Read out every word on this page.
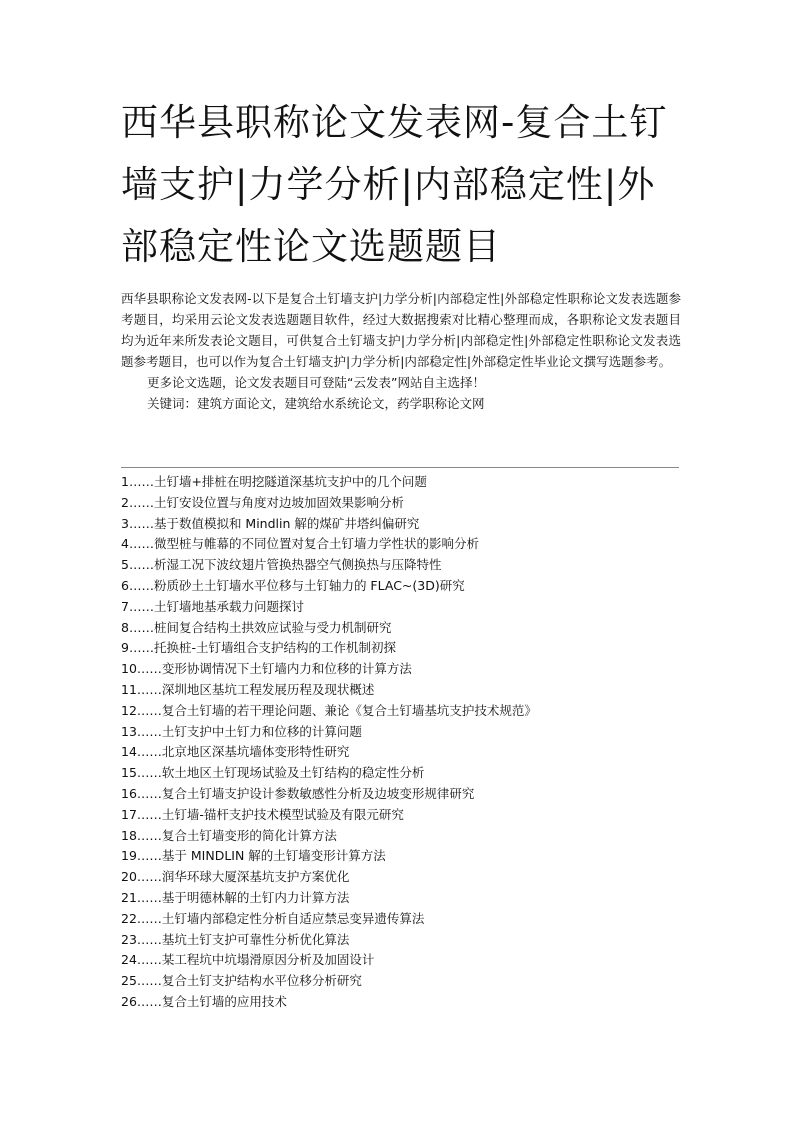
西华县职称论文发表网-复合土钉墙支护|力学分析|内部稳定性|外部稳定性论文选题题目

西华县职称论文发表网-以下是复合土钉墙支护|力学分析|内部稳定性|外部稳定性职称论文发表选题参考题目，均采用云论文发表选题题目软件，经过大数据搜索对比精心整理而成，各职称论文发表题目均为近年来所发表论文题目，可供复合土钉墙支护|力学分析|内部稳定性|外部稳定性职称论文发表选题参考题目，也可以作为复合土钉墙支护|力学分析|内部稳定性|外部稳定性毕业论文撰写选题参考。

更多论文选题，论文发表题目可登陆“云发表”网站自主选择！
关键词：建筑方面论文，建筑给水系统论文，药学职称论文网
1……土钉墙+排桩在明挖隧道深基坑支护中的几个问题
2……土钉安设位置与角度对边坡加固效果影响分析
3……基于数值模拟和 Mindlin 解的煤矿井塔纠偏研究
4……微型桩与帷幕的不同位置对复合土钉墙力学性状的影响分析
5……析湿工况下波纹翅片管换热器空气侧换热与压降特性
6……粉质砂土土钉墙水平位移与土钉轴力的 FLAC~(3D)研究
7……土钉墙地基承载力问题探讨
8……桩间复合结构土拱效应试验与受力机制研究
9……托换桩-土钉墙组合支护结构的工作机制初探
10……变形协调情况下土钉墙内力和位移的计算方法
11……深圳地区基坑工程发展历程及现状概述
12……复合土钉墙的若干理论问题、兼论《复合土钉墙基坑支护技术规范》
13……土钉支护中土钉力和位移的计算问题
14……北京地区深基坑墙体变形特性研究
15……软土地区土钉现场试验及土钉结构的稳定性分析
16……复合土钉墙支护设计参数敏感性分析及边坡变形规律研究
17……土钉墙-锚杆支护技术模型试验及有限元研究
18……复合土钉墙变形的简化计算方法
19……基于 MINDLIN 解的土钉墙变形计算方法
20……润华环球大厦深基坑支护方案优化
21……基于明德林解的土钉内力计算方法
22……土钉墙内部稳定性分析自适应禁忌变异遗传算法
23……基坑土钉支护可靠性分析优化算法
24……某工程坑中坑塌滑原因分析及加固设计
25……复合土钉支护结构水平位移分析研究
26……复合土钉墙的应用技术
